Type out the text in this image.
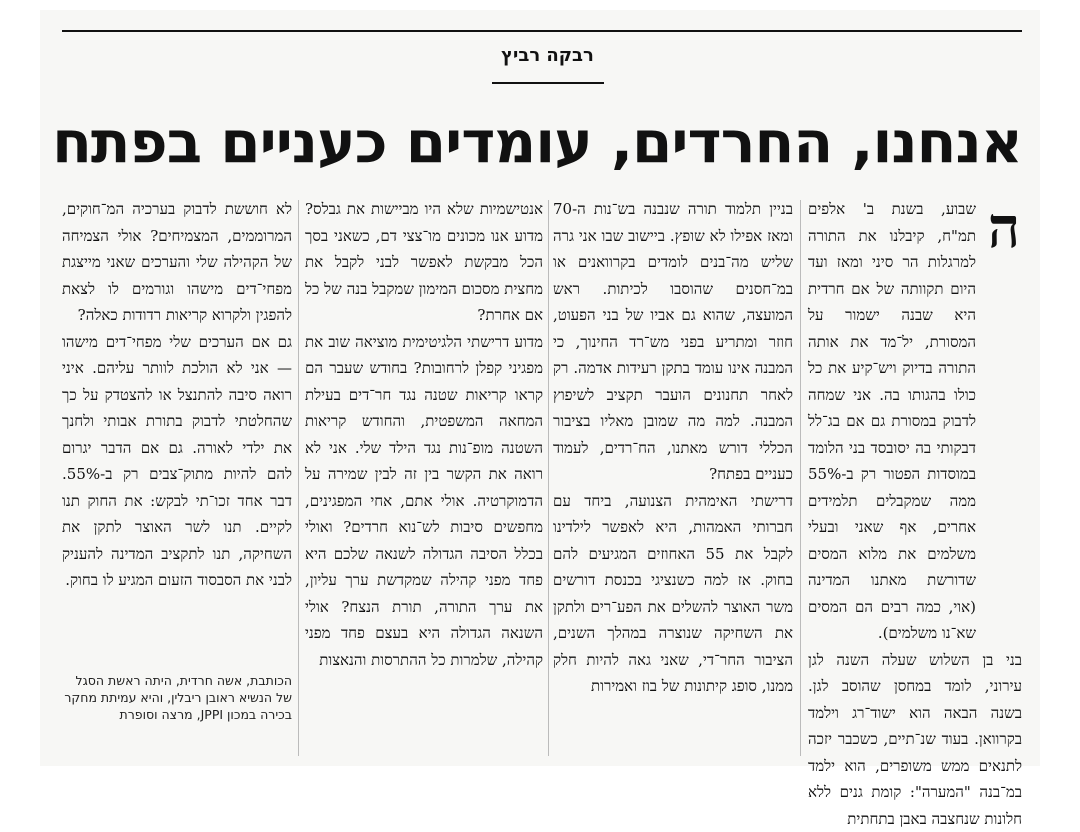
רבקה רביץ
אנחנו, החרדים, עומדים כעניים בפתח
ה

שבוע, בשנת ב' אלפים תמ"ח, קיבלנו את התורה למרגלות הר סיני ומאז ועד היום תקוותה של אם חרדית היא שבנה ישמור על המסורת, יל־מד את אותה התורה בדיוק ויש־קיע את כל כולו בהגותו בה. אני שמחה לדבוק במסורת גם אם בג־לל דבקותי בה יסובסד בני הלומד במוסדות הפטור רק ב-55% ממה שמקבלים תלמידים אחרים, אף שאני ובעלי משלמים את מלוא המסים שדורשת מאתנו המדינה (אוי, כמה רבים הם המסים שא־נו משלמים).

בני בן השלוש שעלה השנה לגן עירוני, לומד במחסן שהוסב לגן. בשנה הבאה הוא ישוד־רג וילמד בקרוואן. בעוד שנ־תיים, כשכבר יזכה לתנאים ממש משופרים, הוא ילמד במ־בנה "המערה": קומת גנים ללא חלונות שנחצבה באבן בתחתית

בניין תלמוד תורה שנבנה בש־נות ה-70 ומאז אפילו לא שופץ. ביישוב שבו אני גרה שליש מה־בנים לומדים בקרוואנים או במ־חסנים שהוסבו לכיתות. ראש המועצה, שהוא גם אביו של בני הפעוט, חוזר ומתריע בפני מש־רד החינוך, כי המבנה אינו עומד בתקן רעידות אדמה. רק לאחר תחנונים הועבר תקציב לשיפוץ המבנה. למה מה שמובן מאליו בציבור הכללי דורש מאתנו, הח־רדים, לעמוד כעניים בפתח?

דרישתי האימהית הצנועה, ביחד עם חברותי האמהות, היא לאפשר לילדינו לקבל את 55 האחוזים המגיעים להם בחוק. אז למה כשנציגי בכנסת דורשים משר האוצר להשלים את הפע־רים ולתקן את השחיקה שנוצרה במהלך השנים, הציבור החר־די, שאני גאה להיות חלק ממנו, סופג קיתונות של בוז ואמירות

אנטישמיות שלא היו מביישות את גבלס? מדוע אנו מכונים מו־צצי דם, כשאני בסך הכל מבקשת לאפשר לבני לקבל את מחצית מסכום המימון שמקבל בנה של כל אם אחרת?

מדוע דרישתי הלגיטימית מוציאה שוב את מפגיני קפלן לרחובות? בחודש שעבר הם קראו קריאות שטנה נגד חר־דים בעילת המחאה המשפטית, והחודש קריאות השטנה מופ־נות נגד הילד שלי. אני לא רואה את הקשר בין זה לבין שמירה על הדמוקרטיה. אולי אתם, אחי המפגינים, מחפשים סיבות לש־נוא חרדים? ואולי בכלל הסיבה הגדולה לשנאה שלכם היא פחד מפני קהילה שמקדשת ערך עליון, את ערך התורה, תורת הנצח? אולי השנאה הגדולה היא בעצם פחד מפני קהילה, שלמרות כל ההתרסות והנאצות

לא חוששת לדבוק בערכיה המ־חוקים, המרוממים, המצמיחים? אולי הצמיחה של הקהילה שלי והערכים שאני מייצגת מפחי־דים מישהו וגורמים לו לצאת להפגין ולקרוא קריאות רדודות כאלה?

גם אם הערכים שלי מפחי־דים מישהו — אני לא הולכת לוותר עליהם. איני רואה סיבה להתנצל או להצטדק על כך שהחלטתי לדבוק בתורת אבותי ולחנך את ילדי לאורה. גם אם הדבר יגרום להם להיות מתוק־צבים רק ב-55%. דבר אחד זכו־תי לבקש: את החוק תנו לקיים. תנו לשר האוצר לתקן את השחיקה, תנו לתקציב המדינה להעניק לבני את הסבסוד הזעום המגיע לו בחוק.

הכותבת, אשה חרדית, היתה ראשת הסגל של הנשיא ראובן ריבלין, והיא עמיתת מחקר בכירה במכון JPPI, מרצה וסופרת
